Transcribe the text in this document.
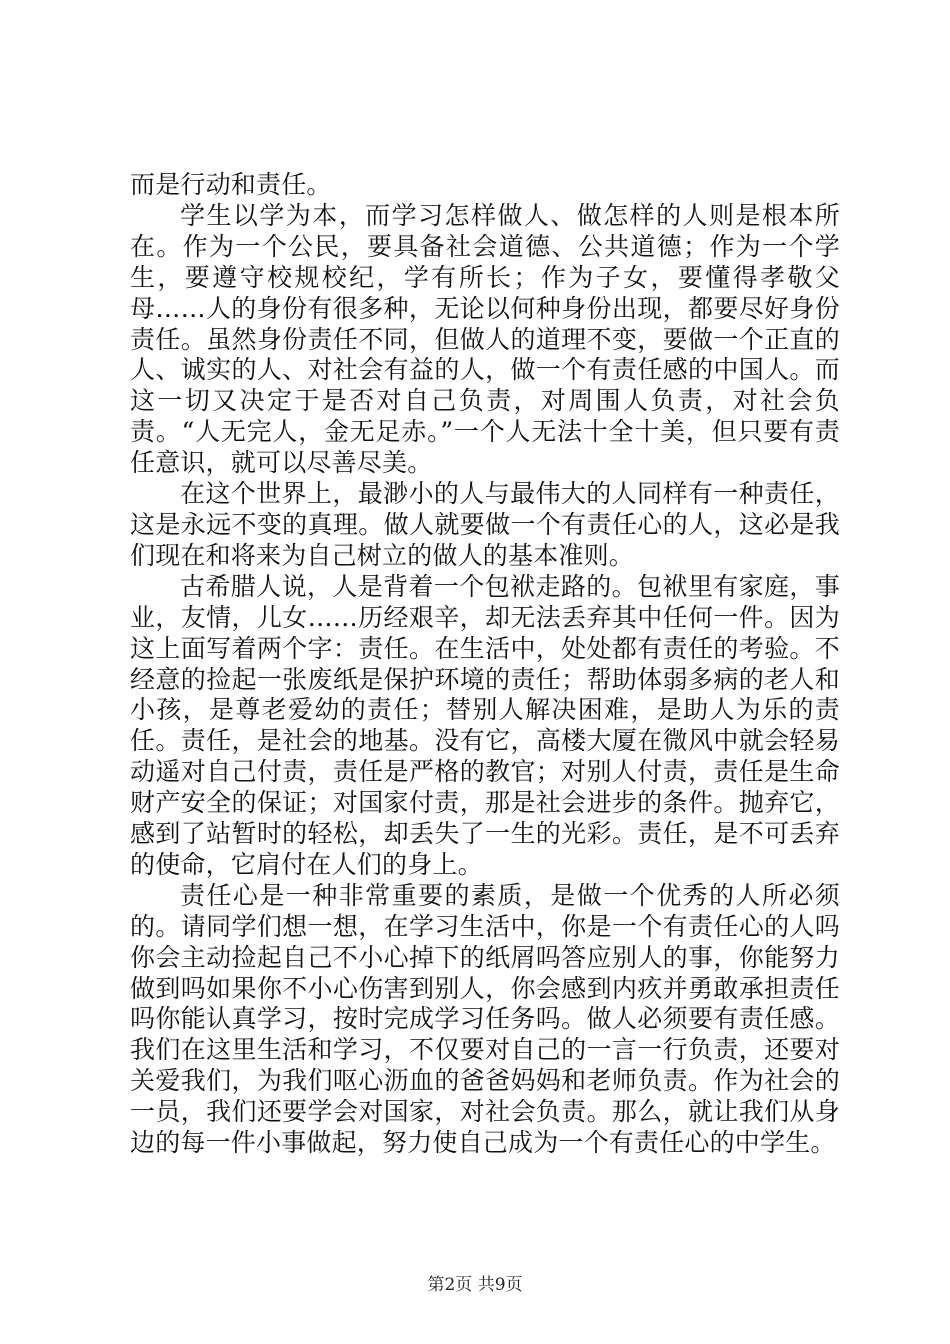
而是行动和责任。

学生以学为本，而学习怎样做人、做怎样的人则是根本所在。作为一个公民，要具备社会道德、公共道德；作为一个学生，要遵守校规校纪，学有所长；作为子女，要懂得孝敬父母……人的身份有很多种，无论以何种身份出现，都要尽好身份责任。虽然身份责任不同，但做人的道理不变，要做一个正直的人、诚实的人、对社会有益的人，做一个有责任感的中国人。而这一切又决定于是否对自己负责，对周围人负责，对社会负责。“人无完人，金无足赤。”一个人无法十全十美，但只要有责任意识，就可以尽善尽美。

在这个世界上，最渺小的人与最伟大的人同样有一种责任，这是永远不变的真理。做人就要做一个有责任心的人，这必是我们现在和将来为自己树立的做人的基本准则。

古希腊人说，人是背着一个包袱走路的。包袱里有家庭，事业，友情，儿女……历经艰辛，却无法丢弃其中任何一件。因为这上面写着两个字：责任。在生活中，处处都有责任的考验。不经意的捡起一张废纸是保护环境的责任；帮助体弱多病的老人和小孩，是尊老爱幼的责任；替别人解决困难，是助人为乐的责任。责任，是社会的地基。没有它，高楼大厦在微风中就会轻易动遥对自己付责，责任是严格的教官；对别人付责，责任是生命财产安全的保证；对国家付责，那是社会进步的条件。抛弃它，感到了站暂时的轻松，却丢失了一生的光彩。责任，是不可丢弃的使命，它肩付在人们的身上。

责任心是一种非常重要的素质，是做一个优秀的人所必须的。请同学们想一想，在学习生活中，你是一个有责任心的人吗你会主动捡起自己不小心掉下的纸屑吗答应别人的事，你能努力做到吗如果你不小心伤害到别人，你会感到内疚并勇敢承担责任吗你能认真学习，按时完成学习任务吗。做人必须要有责任感。我们在这里生活和学习，不仅要对自己的一言一行负责，还要对关爱我们，为我们呕心沥血的爸爸妈妈和老师负责。作为社会的一员，我们还要学会对国家，对社会负责。那么，就让我们从身边的每一件小事做起，努力使自己成为一个有责任心的中学生。

第2页 共9页
